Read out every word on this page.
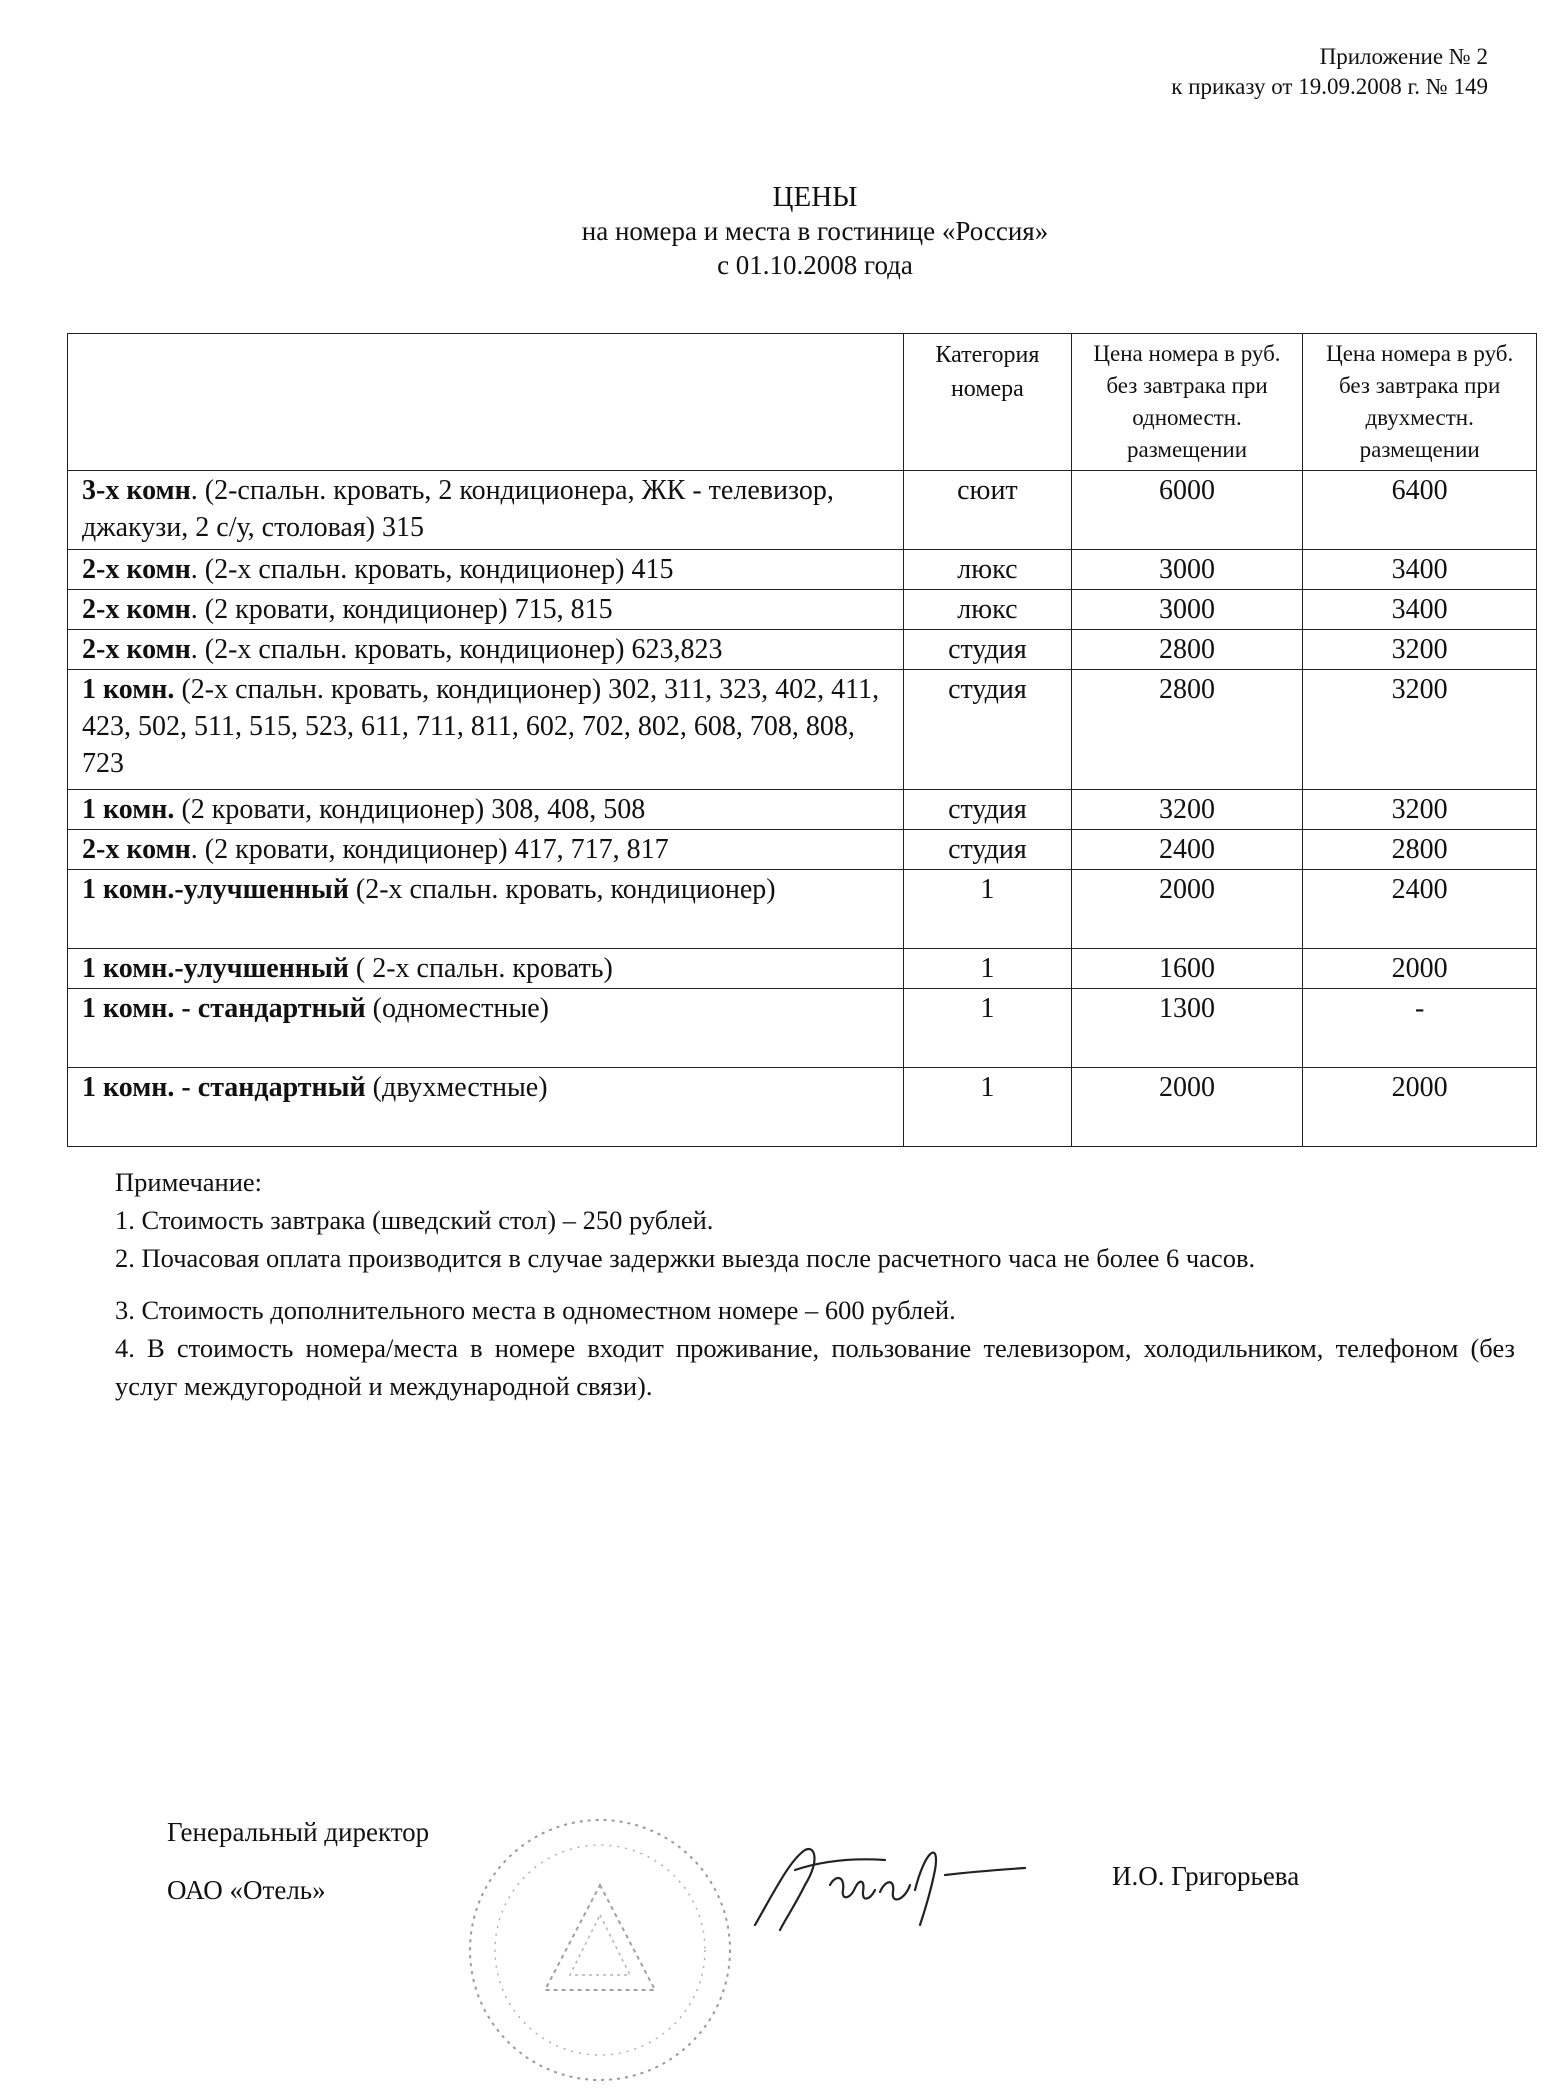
Приложение № 2
к приказу от 19.09.2008 г. № 149
ЦЕНЫ
на номера и места в гостинице «Россия»
с 01.10.2008 года
	Категория номера	Цена номера в руб. без завтрака при одноместн. размещении	Цена номера в руб. без завтрака при двухместн. размещении
3-х комн. (2-спальн. кровать, 2 кондиционера, ЖК - телевизор, джакузи, 2 с/у, столовая) 315	сюит	6000	6400
2-х комн. (2-х спальн. кровать, кондиционер) 415	люкс	3000	3400
2-х комн. (2 кровати, кондиционер) 715, 815	люкс	3000	3400
2-х комн. (2-х спальн. кровать, кондиционер) 623,823	студия	2800	3200
1 комн. (2-х спальн. кровать, кондиционер) 302, 311, 323, 402, 411, 423, 502, 511, 515, 523, 611, 711, 811, 602, 702, 802, 608, 708, 808, 723	студия	2800	3200
1 комн. (2 кровати, кондиционер) 308, 408, 508	студия	3200	3200
2-х комн. (2 кровати, кондиционер) 417, 717, 817	студия	2400	2800
1 комн.-улучшенный (2-х спальн. кровать, кондиционер)	1	2000	2400
1 комн.-улучшенный ( 2-х спальн. кровать)	1	1600	2000
1 комн. - стандартный (одноместные)	1	1300	-
1 комн. - стандартный (двухместные)	1	2000	2000

Примечание:

1. Стоимость завтрака (шведский стол) – 250 рублей.

2. Почасовая оплата производится в случае задержки выезда после расчетного часа не более 6 часов.

3. Стоимость дополнительного места в одноместном номере – 600 рублей.

4. В стоимость номера/места в номере входит проживание, пользование телевизором, холодильником, телефоном (без услуг междугородной и международной связи).

Генеральный директор
ОАО «Отель»	И.О. Григорьева
